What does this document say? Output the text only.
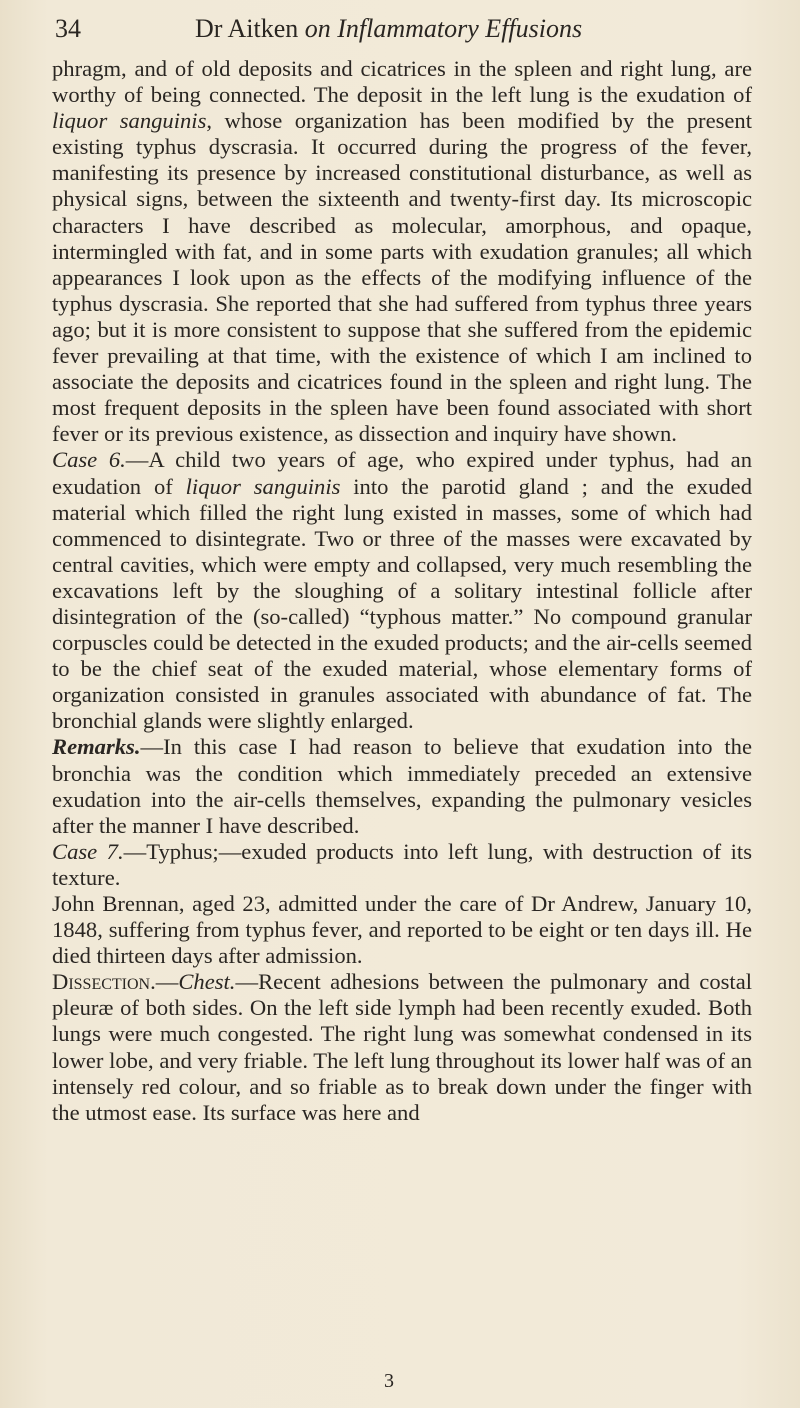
34	Dr Aitken on Inflammatory Effusions

phragm, and of old deposits and cicatrices in the spleen and right lung, are worthy of being connected. The deposit in the left lung is the exudation of liquor sanguinis, whose organization has been modified by the present existing typhus dyscrasia. It occurred during the progress of the fever, manifesting its presence by increased constitutional disturbance, as well as physical signs, between the sixteenth and twenty-first day. Its microscopic characters I have described as molecular, amorphous, and opaque, intermingled with fat, and in some parts with exudation granules; all which appearances I look upon as the effects of the modifying influence of the typhus dyscrasia. She reported that she had suffered from typhus three years ago; but it is more consistent to suppose that she suffered from the epidemic fever prevailing at that time, with the existence of which I am inclined to associate the deposits and cicatrices found in the spleen and right lung. The most frequent deposits in the spleen have been found associated with short fever or its previous existence, as dissection and inquiry have shown.

Case 6.—A child two years of age, who expired under typhus, had an exudation of liquor sanguinis into the parotid gland ; and the exuded material which filled the right lung existed in masses, some of which had commenced to disintegrate. Two or three of the masses were excavated by central cavities, which were empty and collapsed, very much resembling the excavations left by the sloughing of a solitary intestinal follicle after disintegration of the (so-called) “typhous matter.” No compound granular corpuscles could be detected in the exuded products; and the air-cells seemed to be the chief seat of the exuded material, whose elementary forms of organization consisted in granules associated with abundance of fat. The bronchial glands were slightly enlarged.

Remarks.—In this case I had reason to believe that exudation into the bronchia was the condition which immediately preceded an extensive exudation into the air-cells themselves, expanding the pulmonary vesicles after the manner I have described.

Case 7.—Typhus;—exuded products into left lung, with destruction of its texture.

John Brennan, aged 23, admitted under the care of Dr Andrew, January 10, 1848, suffering from typhus fever, and reported to be eight or ten days ill. He died thirteen days after admission.

Dissection.—Chest.—Recent adhesions between the pulmonary and costal pleuræ of both sides. On the left side lymph had been recently exuded. Both lungs were much congested. The right lung was somewhat condensed in its lower lobe, and very friable. The left lung throughout its lower half was of an intensely red colour, and so friable as to break down under the finger with the utmost ease. Its surface was here and

3
